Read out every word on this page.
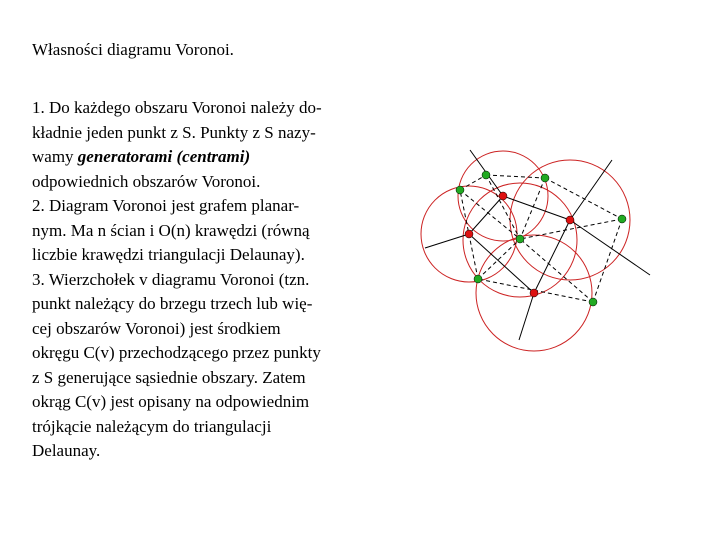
Własności diagramu Voronoi.
1. Do każdego obszaru Voronoi należy do-
kładnie jeden punkt z S. Punkty z S nazy-
wamy generatorami (centrami)
odpowiednich obszarów Voronoi.
2. Diagram Voronoi jest grafem planar-
nym. Ma n ścian i O(n) krawędzi (równą
liczbie krawędzi triangulacji Delaunay).
3. Wierzchołek v diagramu Voronoi (tzn.
punkt należący do brzegu trzech lub wię-
cej obszarów Voronoi) jest środkiem
okręgu C(v) przechodzącego przez punkty
z S generujące sąsiednie obszary. Zatem
okrąg C(v) jest opisany na odpowiednim
trójkącie należącym do triangulacji
Delaunay.
